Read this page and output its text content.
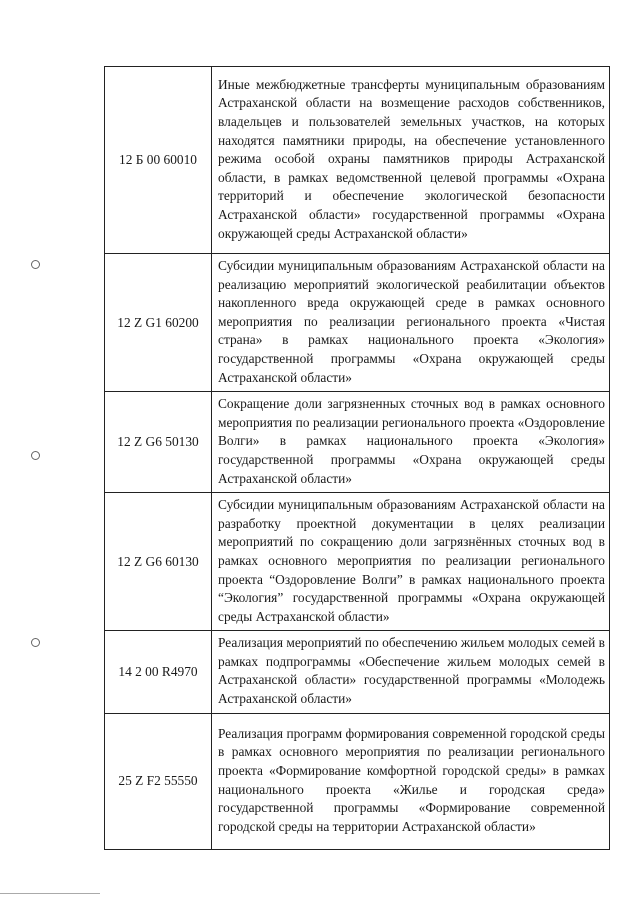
12 Б 00 60010	Иные межбюджетные трансферты муниципальным образованиям Астраханской области на возмещение расходов собственников, владельцев и пользователей земельных участков, на которых находятся памятники природы, на обеспечение установленного режима особой охраны памятников природы Астраханской области, в рамках ведомственной целевой программы «Охрана территорий и обеспечение экологической безопасности Астраханской области» государственной программы «Охрана окружающей среды Астраханской области»
12 Z G1 60200	Субсидии муниципальным образованиям Астраханской области на реализацию мероприятий экологической реабилитации объектов накопленного вреда окружающей среде в рамках основного мероприятия по реализации регионального проекта «Чистая страна» в рамках национального проекта «Экология» государственной программы «Охрана окружающей среды Астраханской области»
12 Z G6 50130	Сокращение доли загрязненных сточных вод в рамках основного мероприятия по реализации регионального проекта «Оздоровление Волги» в рамках национального проекта «Экология» государственной программы «Охрана окружающей среды Астраханской области»
12 Z G6 60130	Субсидии муниципальным образованиям Астраханской области на разработку проектной документации в целях реализации мероприятий по сокращению доли загрязнённых сточных вод в рамках основного мероприятия по реализации регионального проекта “Оздоровление Волги” в рамках национального проекта “Экология” государственной программы «Охрана окружающей среды Астраханской области»
14 2 00 R4970	Реализация мероприятий по обеспечению жильем молодых семей в рамках подпрограммы «Обеспечение жильем молодых семей в Астраханской области» государственной программы «Молодежь Астраханской области»
25 Z F2 55550	Реализация программ формирования современной городской среды в рамках основного мероприятия по реализации регионального проекта «Формирование комфортной городской среды» в рамках национального проекта «Жилье и городская среда» государственной программы «Формирование современной городской среды на территории Астраханской области»
